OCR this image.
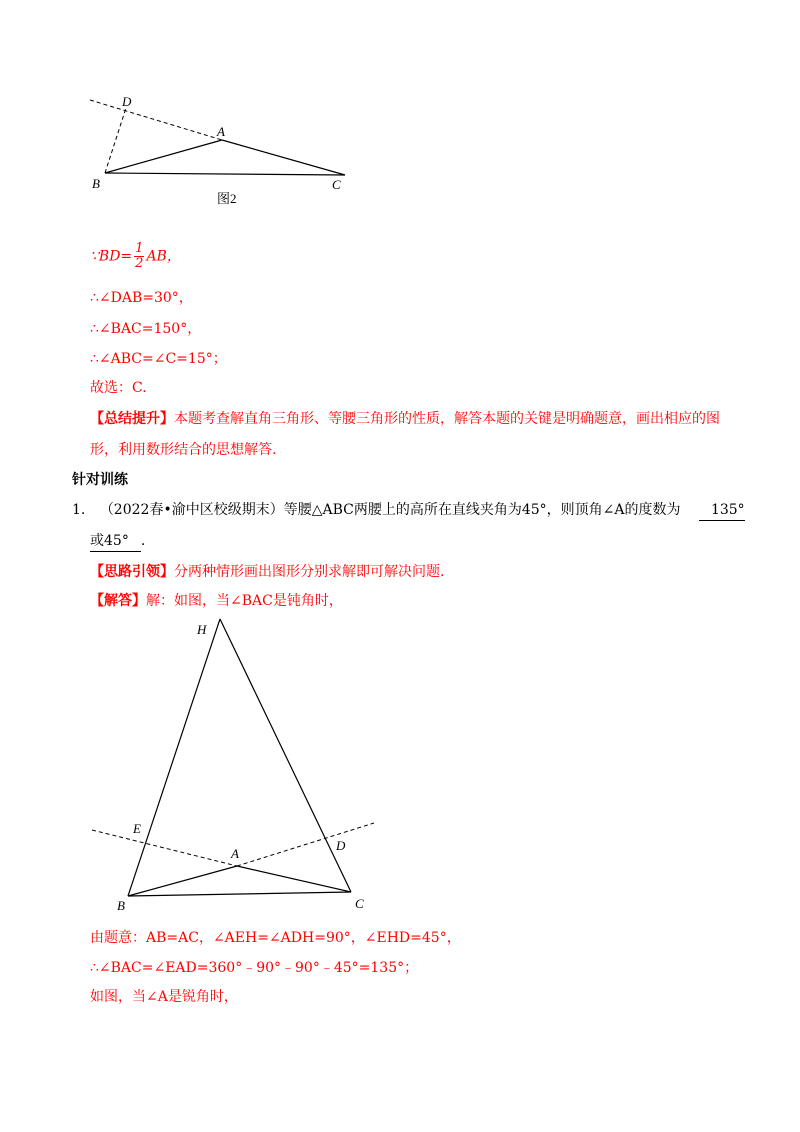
D
A
B	C
图2
∵BD= $\frac{1}{2}$ AB，
∴∠DAB=30°，
∴∠BAC=150°，
∴∠ABC=∠C=15°；
故选：C.
【总结提升】本题考查解直角三角形、等腰三角形的性质，解答本题的关键是明确题意，画出相应的图
形，利用数形结合的思想解答.
针对训练
1. （2022春•渝中区校级期末）等腰△ABC两腰上的高所在直线夹角为45°，则顶角∠A的度数为 135°
或45° .
【思路引领】分两种情形画出图形分别求解即可解决问题.
【解答】解：如图，当∠BAC是钝角时，
H
E
A
D
B	C
由题意：AB=AC，∠AEH=∠ADH=90°，∠EHD=45°，
∴∠BAC=∠EAD=360°﹣90°﹣90°﹣45°=135°；
如图，当∠A是锐角时，
